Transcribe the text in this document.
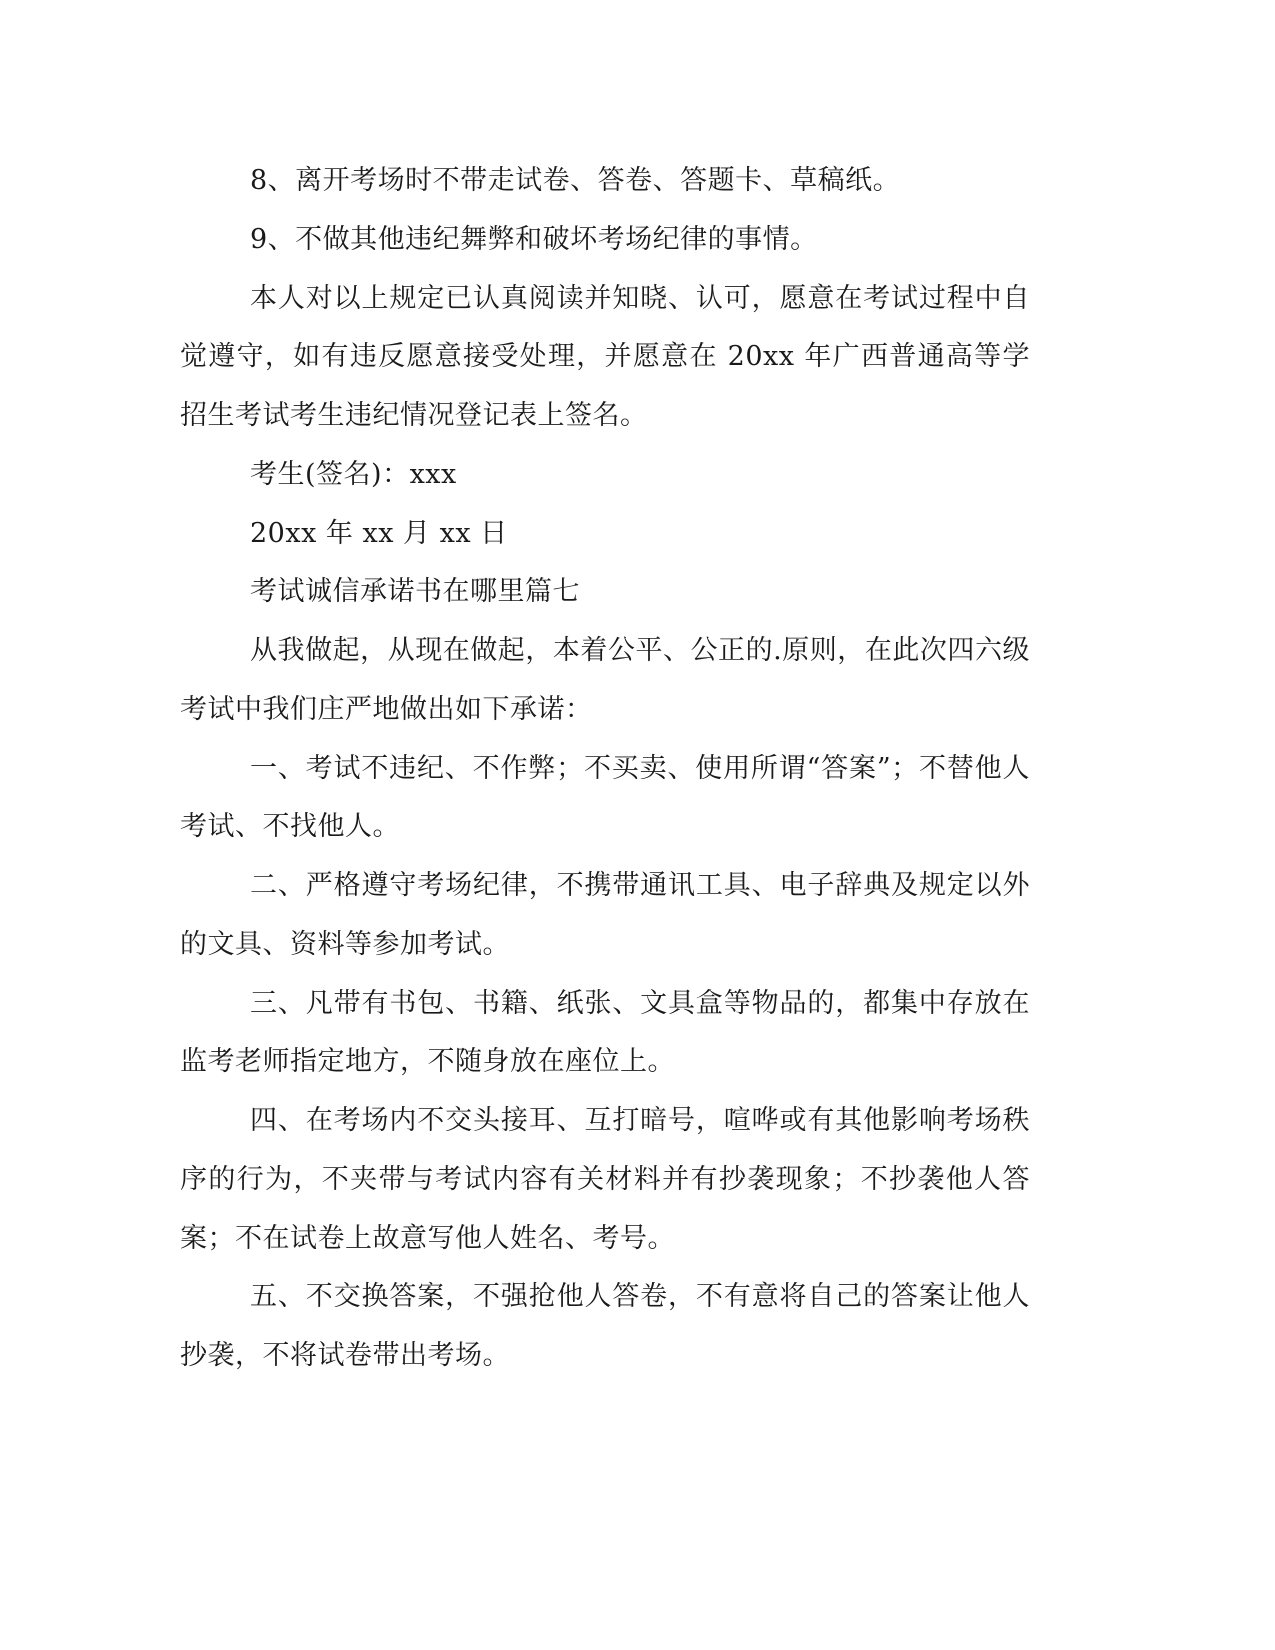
8、离开考场时不带走试卷、答卷、答题卡、草稿纸。
9、不做其他违纪舞弊和破坏考场纪律的事情。
本人对以上规定已认真阅读并知晓、认可，愿意在考试过程中自
觉遵守，如有违反愿意接受处理，并愿意在 20xx 年广西普通高等学
招生考试考生违纪情况登记表上签名。
考生(签名)：xxx
20xx 年 xx 月 xx 日
考试诚信承诺书在哪里篇七
从我做起，从现在做起，本着公平、公正的.原则，在此次四六级
考试中我们庄严地做出如下承诺：
一、考试不违纪、不作弊；不买卖、使用所谓“答案”；不替他人
考试、不找他人。
二、严格遵守考场纪律，不携带通讯工具、电子辞典及规定以外
的文具、资料等参加考试。
三、凡带有书包、书籍、纸张、文具盒等物品的，都集中存放在
监考老师指定地方，不随身放在座位上。
四、在考场内不交头接耳、互打暗号，喧哗或有其他影响考场秩
序的行为，不夹带与考试内容有关材料并有抄袭现象；不抄袭他人答
案；不在试卷上故意写他人姓名、考号。
五、不交换答案，不强抢他人答卷，不有意将自己的答案让他人
抄袭，不将试卷带出考场。
